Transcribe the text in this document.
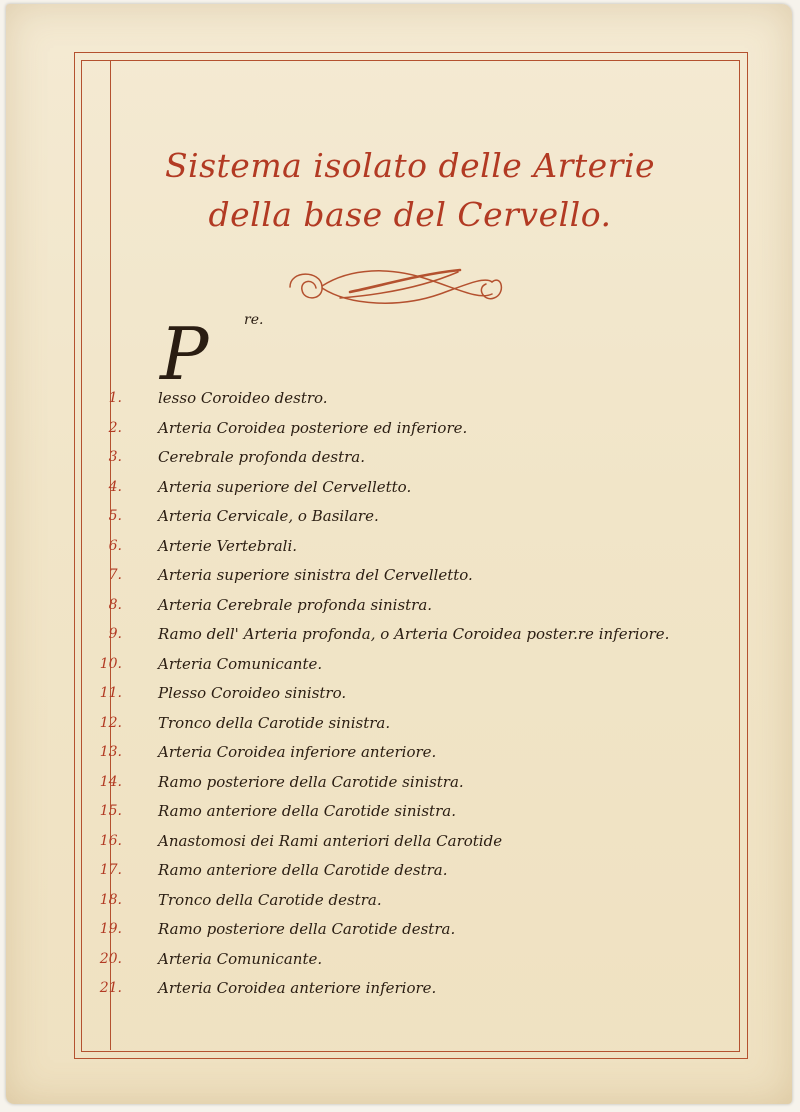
Sistema isolato delle Arterie
della base del Cervello.
P	re.
1. lesso Coroideo destro.
2. Arteria Coroidea posteriore ed inferiore.
3. Cerebrale profonda destra.
4. Arteria superiore del Cervelletto.
5. Arteria Cervicale, o Basilare.
6. Arterie Vertebrali.
7. Arteria superiore sinistra del Cervelletto.
8. Arteria Cerebrale profonda sinistra.
9. Ramo dell' Arteria profonda, o Arteria Coroidea poster.re inferiore.
10. Arteria Comunicante.
11. Plesso Coroideo sinistro.
12. Tronco della Carotide sinistra.
13. Arteria Coroidea inferiore anteriore.
14. Ramo posteriore della Carotide sinistra.
15. Ramo anteriore della Carotide sinistra.
16. Anastomosi dei Rami anteriori della Carotide
17. Ramo anteriore della Carotide destra.
18. Tronco della Carotide destra.
19. Ramo posteriore della Carotide destra.
20. Arteria Comunicante.
21. Arteria Coroidea anteriore inferiore.
